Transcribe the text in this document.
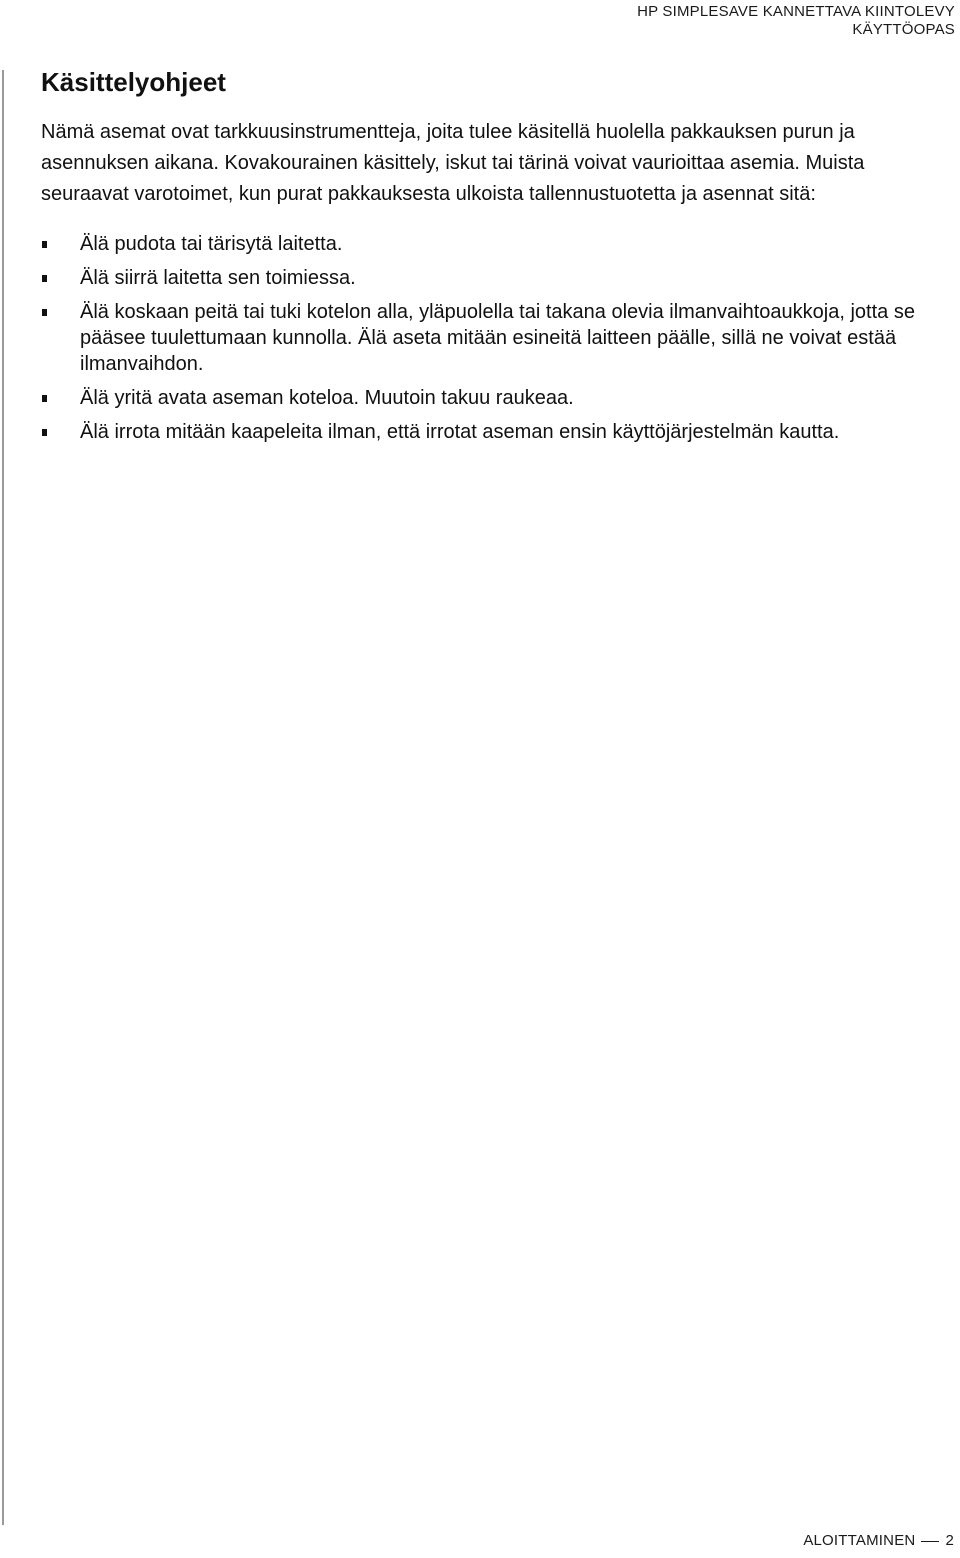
HP SIMPLESAVE KANNETTAVA KIINTOLEVY
KÄYTTÖOPAS
Käsittelyohjeet

Nämä asemat ovat tarkkuusinstrumentteja, joita tulee käsitellä huolella pakkauksen purun ja asennuksen aikana. Kovakourainen käsittely, iskut tai tärinä voivat vaurioittaa asemia. Muista seuraavat varotoimet, kun purat pakkauksesta ulkoista tallennustuotetta ja asennat sitä:

Älä pudota tai tärisytä laitetta.
Älä siirrä laitetta sen toimiessa.
Älä koskaan peitä tai tuki kotelon alla, yläpuolella tai takana olevia ilmanvaihtoaukkoja, jotta se pääsee tuulettumaan kunnolla. Älä aseta mitään esineitä laitteen päälle, sillä ne voivat estää ilmanvaihdon.
Älä yritä avata aseman koteloa. Muutoin takuu raukeaa.
Älä irrota mitään kaapeleita ilman, että irrotat aseman ensin käyttöjärjestelmän kautta.
ALOITTAMINEN 2
